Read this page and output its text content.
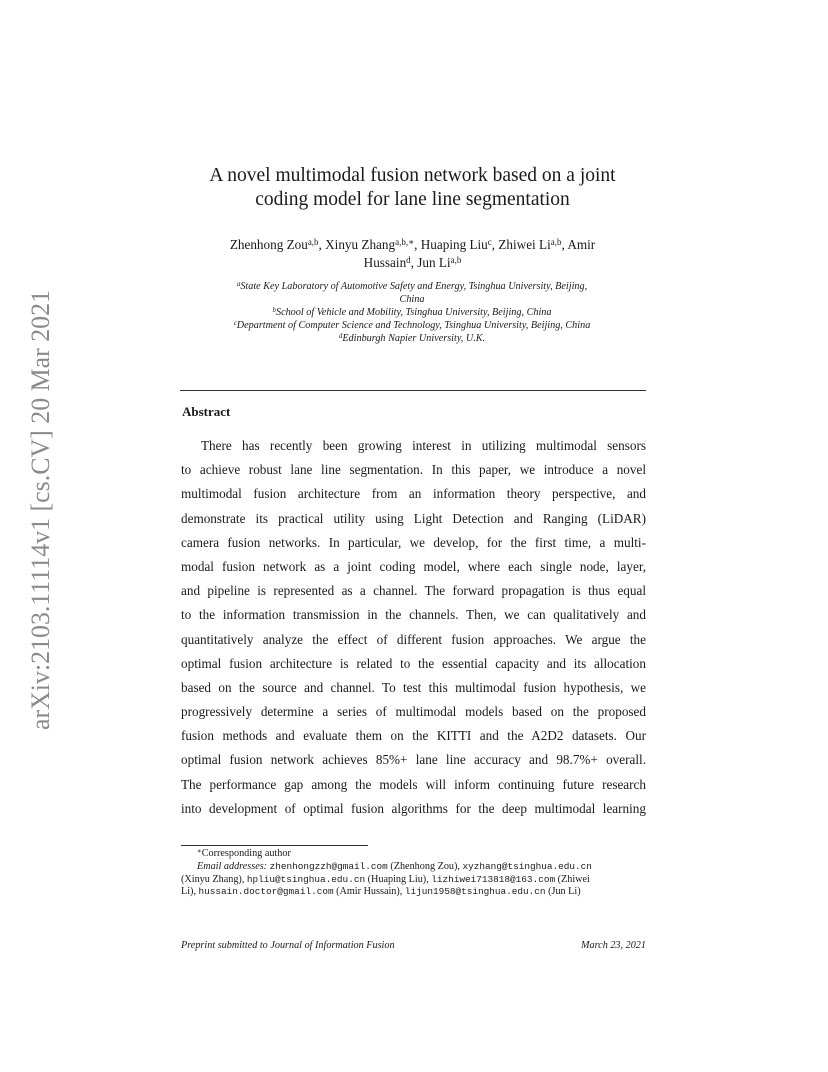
arXiv:2103.11114v1 [cs.CV] 20 Mar 2021
A novel multimodal fusion network based on a joint
coding model for lane line segmentation
Zhenhong Zou$^{a,b}$, Xinyu Zhang$^{a,b,∗}$, Huaping Liu$^c$, Zhiwei Li$^{a,b}$, Amir
Hussain$^d$, Jun Li$^{a,b}$
$^a$State Key Laboratory of Automotive Safety and Energy, Tsinghua University, Beijing,
China
$^b$School of Vehicle and Mobility, Tsinghua University, Beijing, China
$^c$Department of Computer Science and Technology, Tsinghua University, Beijing, China
$^d$Edinburgh Napier University, U.K.
Abstract
There has recently been growing interest in utilizing multimodal sensors
to achieve robust lane line segmentation. In this paper, we introduce a novel
multimodal fusion architecture from an information theory perspective, and
demonstrate its practical utility using Light Detection and Ranging (LiDAR)
camera fusion networks. In particular, we develop, for the first time, a multi-
modal fusion network as a joint coding model, where each single node, layer,
and pipeline is represented as a channel. The forward propagation is thus equal
to the information transmission in the channels. Then, we can qualitatively and
quantitatively analyze the effect of different fusion approaches. We argue the
optimal fusion architecture is related to the essential capacity and its allocation
based on the source and channel. To test this multimodal fusion hypothesis, we
progressively determine a series of multimodal models based on the proposed
fusion methods and evaluate them on the KITTI and the A2D2 datasets. Our
optimal fusion network achieves 85%+ lane line accuracy and 98.7%+ overall.
The performance gap among the models will inform continuing future research
into development of optimal fusion algorithms for the deep multimodal learning
∗Corresponding author
Email addresses: zhenhongzzh@gmail.com (Zhenhong Zou), xyzhang@tsinghua.edu.cn
(Xinyu Zhang), hpliu@tsinghua.edu.cn (Huaping Liu), lizhiwei713818@163.com (Zhiwei
Li), hussain.doctor@gmail.com (Amir Hussain), lijun1958@tsinghua.edu.cn (Jun Li)
Preprint submitted to Journal of Information Fusion	March 23, 2021
